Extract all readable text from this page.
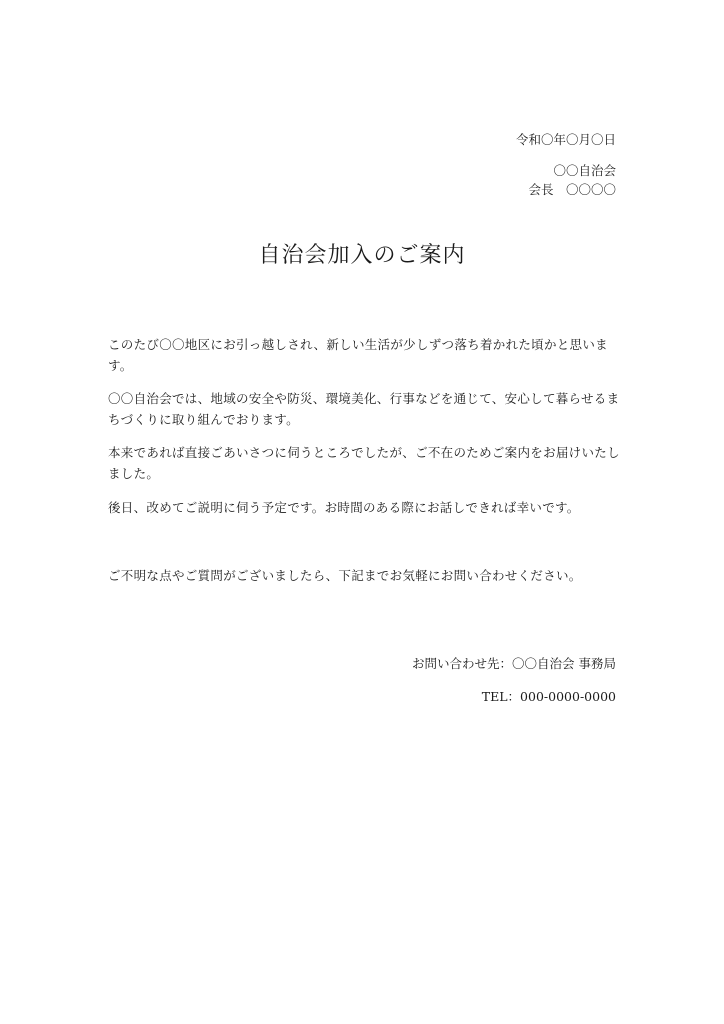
令和〇年〇月〇日
〇〇自治会
会長　〇〇〇〇
自治会加入のご案内

このたび〇〇地区にお引っ越しされ、新しい生活が少しずつ落ち着かれた頃かと思います。

〇〇自治会では、地域の安全や防災、環境美化、行事などを通じて、安心して暮らせるまちづくりに取り組んでおります。

本来であれば直接ごあいさつに伺うところでしたが、ご不在のためご案内をお届けいたしました。

後日、改めてご説明に伺う予定です。お時間のある際にお話しできれば幸いです。

ご不明な点やご質問がございましたら、下記までお気軽にお問い合わせください。

お問い合わせ先：〇〇自治会 事務局
TEL：000-0000-0000
